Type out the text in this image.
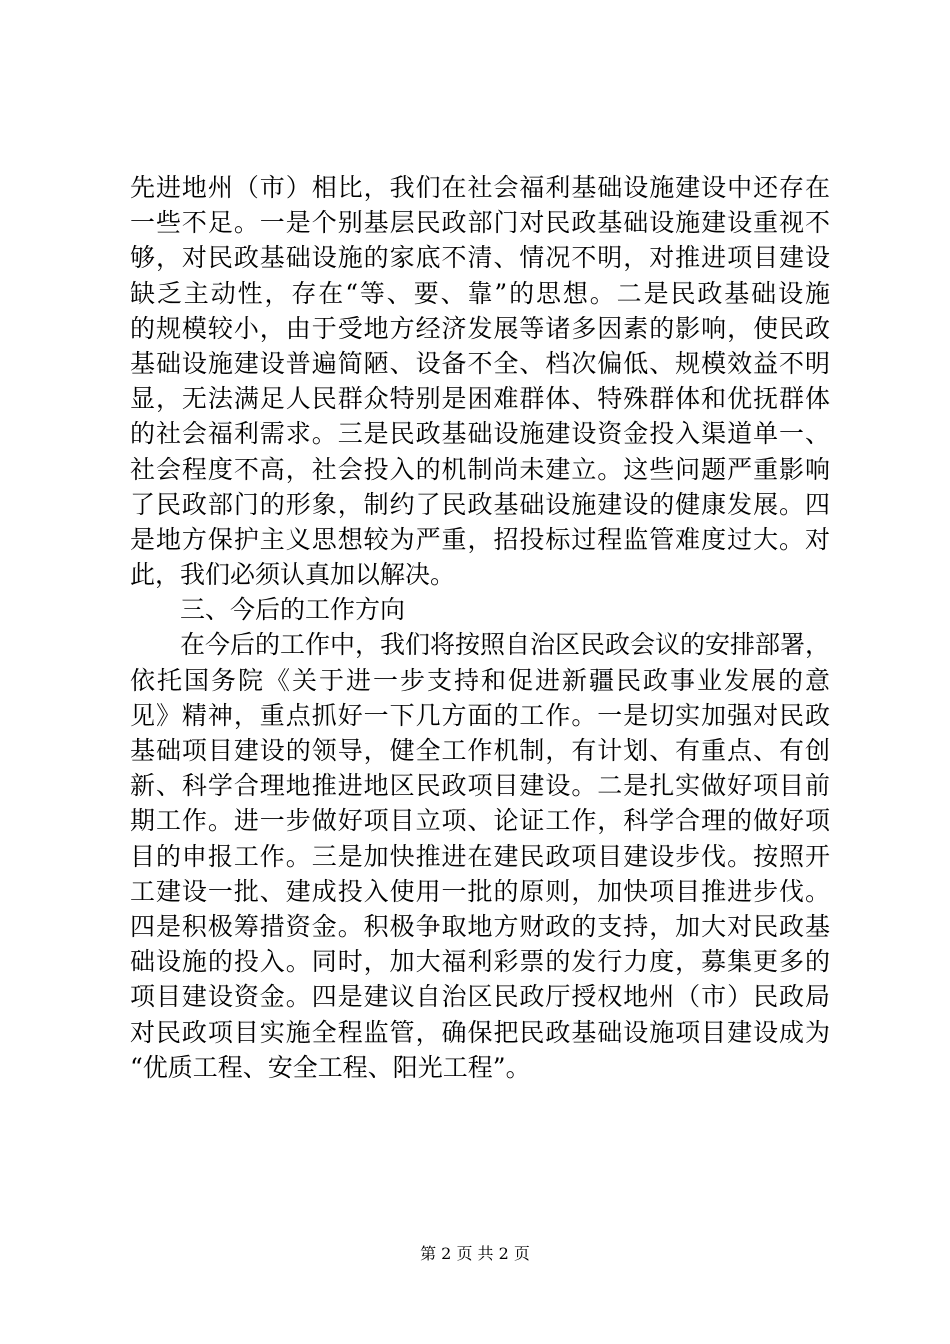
先进地州（市）相比，我们在社会福利基础设施建设中还存在
一些不足。一是个别基层民政部门对民政基础设施建设重视不
够，对民政基础设施的家底不清、情况不明，对推进项目建设
缺乏主动性，存在“等、要、靠”的思想。二是民政基础设施
的规模较小，由于受地方经济发展等诸多因素的影响，使民政
基础设施建设普遍简陋、设备不全、档次偏低、规模效益不明
显，无法满足人民群众特别是困难群体、特殊群体和优抚群体
的社会福利需求。三是民政基础设施建设资金投入渠道单一、
社会程度不高，社会投入的机制尚未建立。这些问题严重影响
了民政部门的形象，制约了民政基础设施建设的健康发展。四
是地方保护主义思想较为严重，招投标过程监管难度过大。对
此，我们必须认真加以解决。
三、今后的工作方向
在今后的工作中，我们将按照自治区民政会议的安排部署，
依托国务院《关于进一步支持和促进新疆民政事业发展的意
见》精神，重点抓好一下几方面的工作。一是切实加强对民政
基础项目建设的领导，健全工作机制，有计划、有重点、有创
新、科学合理地推进地区民政项目建设。二是扎实做好项目前
期工作。进一步做好项目立项、论证工作，科学合理的做好项
目的申报工作。三是加快推进在建民政项目建设步伐。按照开
工建设一批、建成投入使用一批的原则，加快项目推进步伐。
四是积极筹措资金。积极争取地方财政的支持，加大对民政基
础设施的投入。同时，加大福利彩票的发行力度，募集更多的
项目建设资金。四是建议自治区民政厅授权地州（市）民政局
对民政项目实施全程监管，确保把民政基础设施项目建设成为
“优质工程、安全工程、阳光工程”。
第 2 页 共 2 页
